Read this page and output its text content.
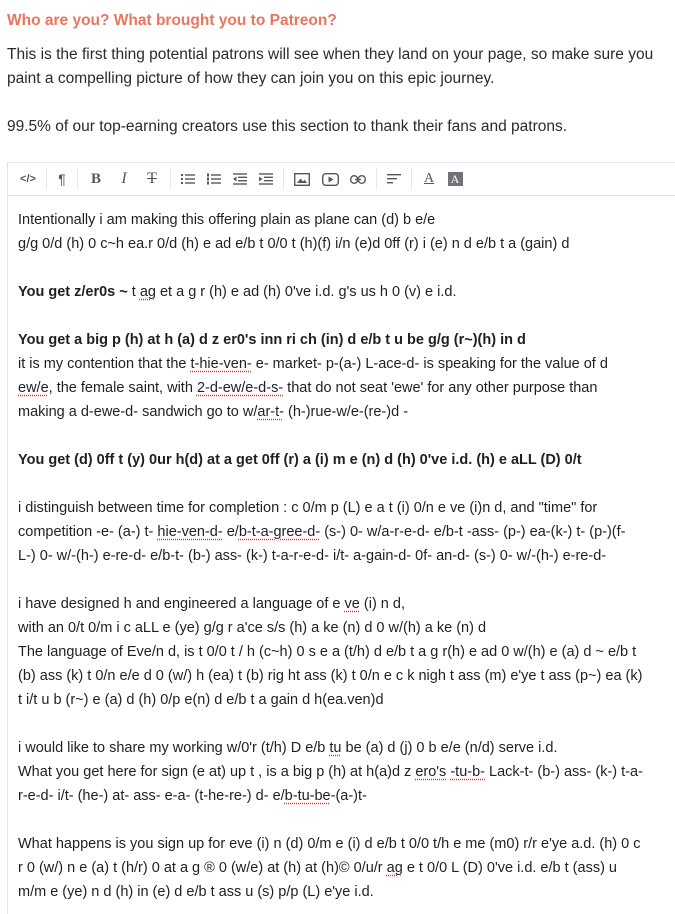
Who are you? What brought you to Patreon?
This is the first thing potential patrons will see when they land on your page, so make sure you paint a compelling picture of how they can join you on this epic journey.
99.5% of our top-earning creators use this section to thank their fans and patrons.
</> ¶ B I T	A A

Intentionally i am making this offering plain as plane can (d) b e/e
g/g 0/d (h) 0 c~h ea.r 0/d (h) e ad e/b t 0/0 t (h)(f) i/n (e)d 0ff (r) i (e) n d e/b t a (gain) d

You get z/er0s ~ t ag et a g r (h) e ad (h) 0've i.d. g's us h 0 (v) e i.d.

You get a big p (h) at h (a) d z er0's inn ri ch (in) d e/b t u be g/g (r~)(h) in d
it is my contention that the t-hie-ven- e- market- p-(a-) L-ace-d- is speaking for the value of d
ew/e, the female saint, with 2-d-ew/e-d-s- that do not seat 'ewe' for any other purpose than
making a d-ewe-d- sandwich go to w/ar-t- (h-)rue-w/e-(re-)d -

You get (d) 0ff t (y) 0ur h(d) at a get 0ff (r) a (i) m e (n) d (h) 0've i.d. (h) e aLL (D) 0/t

i distinguish between time for completion : c 0/m p (L) e a t (i) 0/n e ve (i)n d, and "time" for
competition -e- (a-) t- hie-ven-d- e/b-t-a-gree-d- (s-) 0- w/a-r-e-d- e/b-t -ass- (p-) ea-(k-) t- (p-)(f-
L-) 0- w/-(h-) e-re-d- e/b-t- (b-) ass- (k-) t-a-r-e-d- i/t- a-gain-d- 0f- an-d- (s-) 0- w/-(h-) e-re-d-

i have designed h and engineered a language of e ve (i) n d,
with an 0/t 0/m i c aLL e (ye) g/g r a'ce s/s (h) a ke (n) d 0 w/(h) a ke (n) d
The language of Eve/n d, is t 0/0 t / h (c~h) 0 s e a (t/h) d e/b t a g r(h) e ad 0 w/(h) e (a) d ~ e/b t
(b) ass (k) t 0/n e/e d 0 (w/) h (ea) t (b) rig ht ass (k) t 0/n e c k nigh t ass (m) e'ye t ass (p~) ea (k)
t i/t u b (r~) e (a) d (h) 0/p e(n) d e/b t a gain d h(ea.ven)d

i would like to share my working w/0'r (t/h) D e/b tu be (a) d (j) 0 b e/e (n/d) serve i.d.
What you get here for sign (e at) up t , is a big p (h) at h(a)d z ero's -tu-b- Lack-t- (b-) ass- (k-) t-a-
r-e-d- i/t- (he-) at- ass- e-a- (t-he-re-) d- e/b-tu-be-(a-)t-

What happens is you sign up for eve (i) n (d) 0/m e (i) d e/b t 0/0 t/h e me (m0) r/r e'ye a.d. (h) 0 c
r 0 (w/) n e (a) t (h/r) 0 at a g ® 0 (w/e) at (h) at (h)© 0/u/r ag e t 0/0 L (D) 0've i.d. e/b t (ass) u
m/m e (ye) n d (h) in (e) d e/b t ass u (s) p/p (L) e'ye i.d.
